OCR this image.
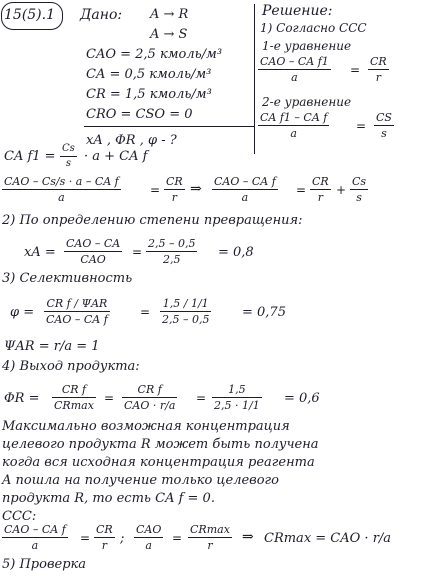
15(5).1 Дано: A → R
A → S
CAO = 2,5 кмоль/м³
CA = 0,5 кмоль/м³
CR = 1,5 кмоль/м³
CRO = CSO = 0
xA , ΦR , φ - ?
Решение:
1) Согласно ССС
1-е уравнение
CAO – CA f1
a
=
CR
r
2-е уравнение
CA f1 – CA f
a
=
CS
s
CA f1 =
Cs
s · a + CA f
CAO – Cs/s · a – CA f
a
=
CR
r
⇒ CAO – CA f
a
=
CR
r
+
Cs
s
2) По определению степени превращения:
xA =
CAO – CA
CAO
=
2,5 – 0,5
2,5	= 0,8
3) Селективность
φ =
CR f / ΨAR
CAO – CA f
=
1,5 / 1/1
2,5 – 0,5	= 0,75
ΨAR = r/a = 1
4) Выход продукта:
ΦR =
CR f
CRmax
=
CR f
CAO · r/a
=
1,5
2,5 · 1/1 = 0,6
Максимально возможная концентрация
целевого продукта R может быть получена
когда вся исходная концентрация реагента
A пошла на получение только целевого
продукта R, то есть CA f = 0.
ССС:
CAO – CA f
a
=
CR
r ;
CAO
a
=
CRmax
r
⇒ CRmax = CAO · r/a
5) Проверка
